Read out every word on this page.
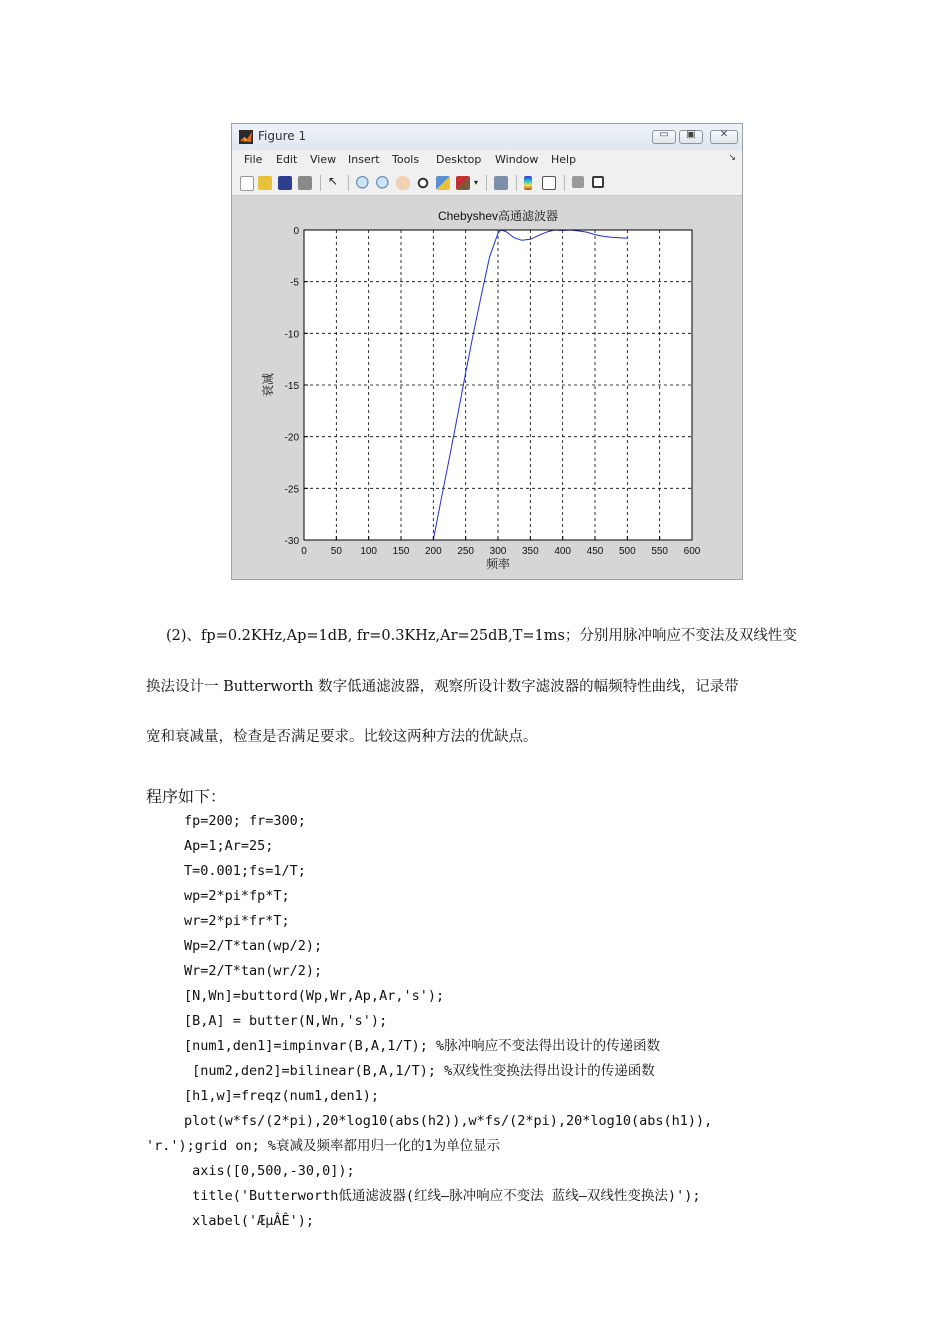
Figure 1	▭	▣	✕
File Edit View Insert Tools Desktop Window Help	↘
↖	▾
0 50 100 150 200 250 300 350 400 450 500 550 600
0
-5
-10
-15
-20
-25
-30
Chebyshev高通滤波器
频率
衰减
(2)、fp=0.2KHz,Ap=1dB, fr=0.3KHz,Ar=25dB,T=1ms；分别用脉冲响应不变法及双线性变
换法设计一 Butterworth 数字低通滤波器，观察所设计数字滤波器的幅频特性曲线，记录带
宽和衰减量，检查是否满足要求。比较这两种方法的优缺点。
程序如下：
fp=200; fr=300;
Ap=1;Ar=25;
T=0.001;fs=1/T;
wp=2*pi*fp*T;
wr=2*pi*fr*T;
Wp=2/T*tan(wp/2);
Wr=2/T*tan(wr/2);
[N,Wn]=buttord(Wp,Wr,Ap,Ar,'s');
[B,A] = butter(N,Wn,'s');
[num1,den1]=impinvar(B,A,1/T); %脉冲响应不变法得出设计的传递函数
[num2,den2]=bilinear(B,A,1/T); %双线性变换法得出设计的传递函数
[h1,w]=freqz(num1,den1);
plot(w*fs/(2*pi),20*log10(abs(h2)),w*fs/(2*pi),20*log10(abs(h1)),
'r.');grid on; %衰减及频率都用归一化的1为单位显示
axis([0,500,-30,0]);
title('Butterworth低通滤波器(红线—脉冲响应不变法 蓝线—双线性变换法)');
xlabel('ÆµÂÊ');
